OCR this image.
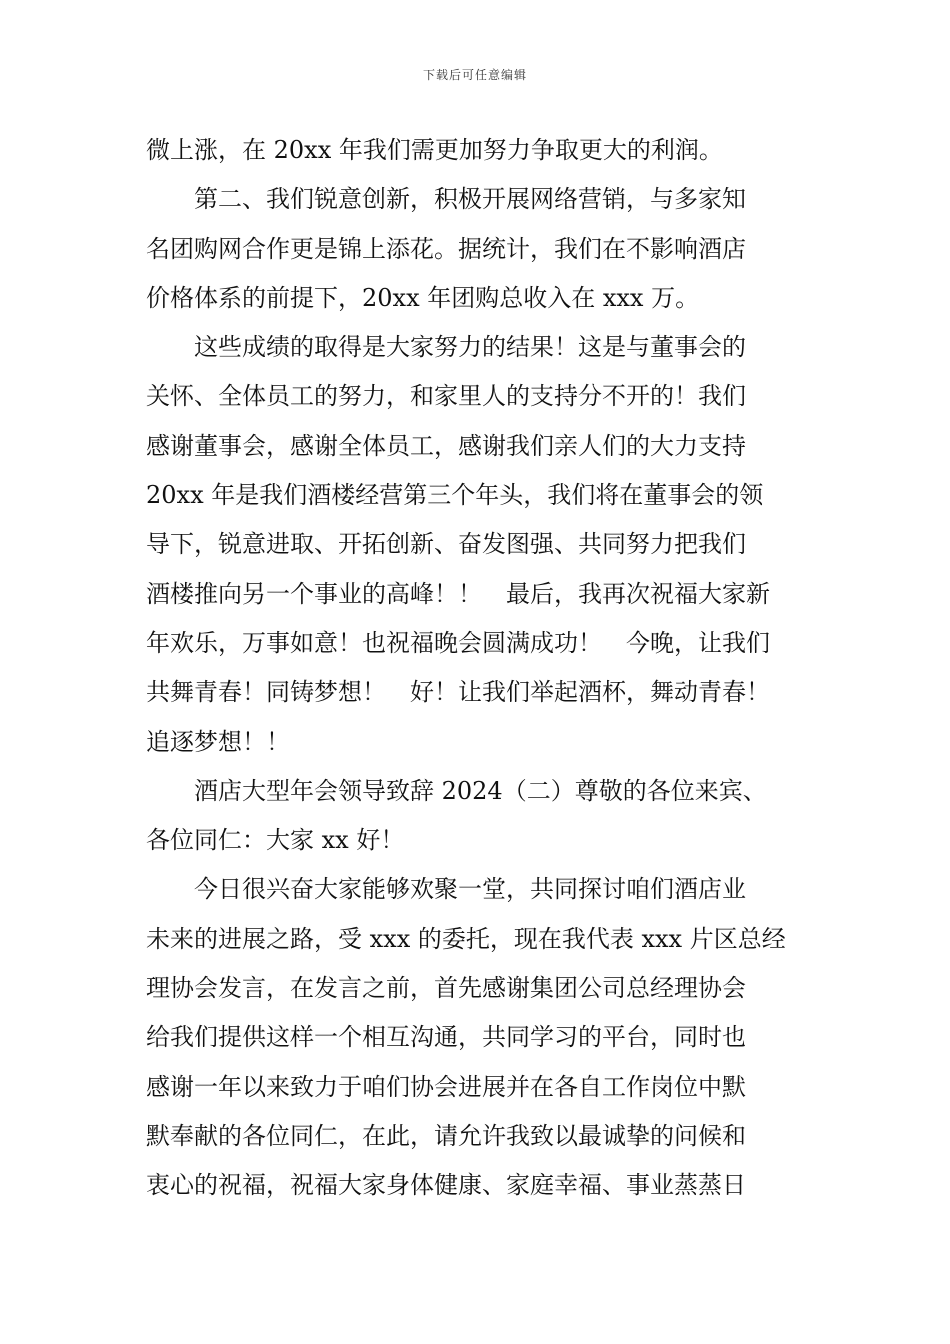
下载后可任意编辑
微上涨，在 20xx 年我们需更加努力争取更大的利润。
　　第二、我们锐意创新，积极开展网络营销，与多家知
名团购网合作更是锦上添花。据统计，我们在不影响酒店
价格体系的前提下，20xx 年团购总收入在 xxx 万。
　　这些成绩的取得是大家努力的结果！这是与董事会的
关怀、全体员工的努力，和家里人的支持分不开的！我们
感谢董事会，感谢全体员工，感谢我们亲人们的大力支持
20xx 年是我们酒楼经营第三个年头，我们将在董事会的领
导下，锐意进取、开拓创新、奋发图强、共同努力把我们
酒楼推向另一个事业的高峰！！　最后，我再次祝福大家新
年欢乐，万事如意！也祝福晚会圆满成功！　今晚，让我们
共舞青春！同铸梦想！　好！让我们举起酒杯，舞动青春！
追逐梦想！！
　　酒店大型年会领导致辞 2024（二）尊敬的各位来宾、
各位同仁：大家 xx 好！
　　今日很兴奋大家能够欢聚一堂，共同探讨咱们酒店业
未来的进展之路，受 xxx 的委托，现在我代表 xxx 片区总经
理协会发言，在发言之前，首先感谢集团公司总经理协会
给我们提供这样一个相互沟通，共同学习的平台，同时也
感谢一年以来致力于咱们协会进展并在各自工作岗位中默
默奉献的各位同仁，在此，请允许我致以最诚挚的问候和
衷心的祝福，祝福大家身体健康、家庭幸福、事业蒸蒸日
